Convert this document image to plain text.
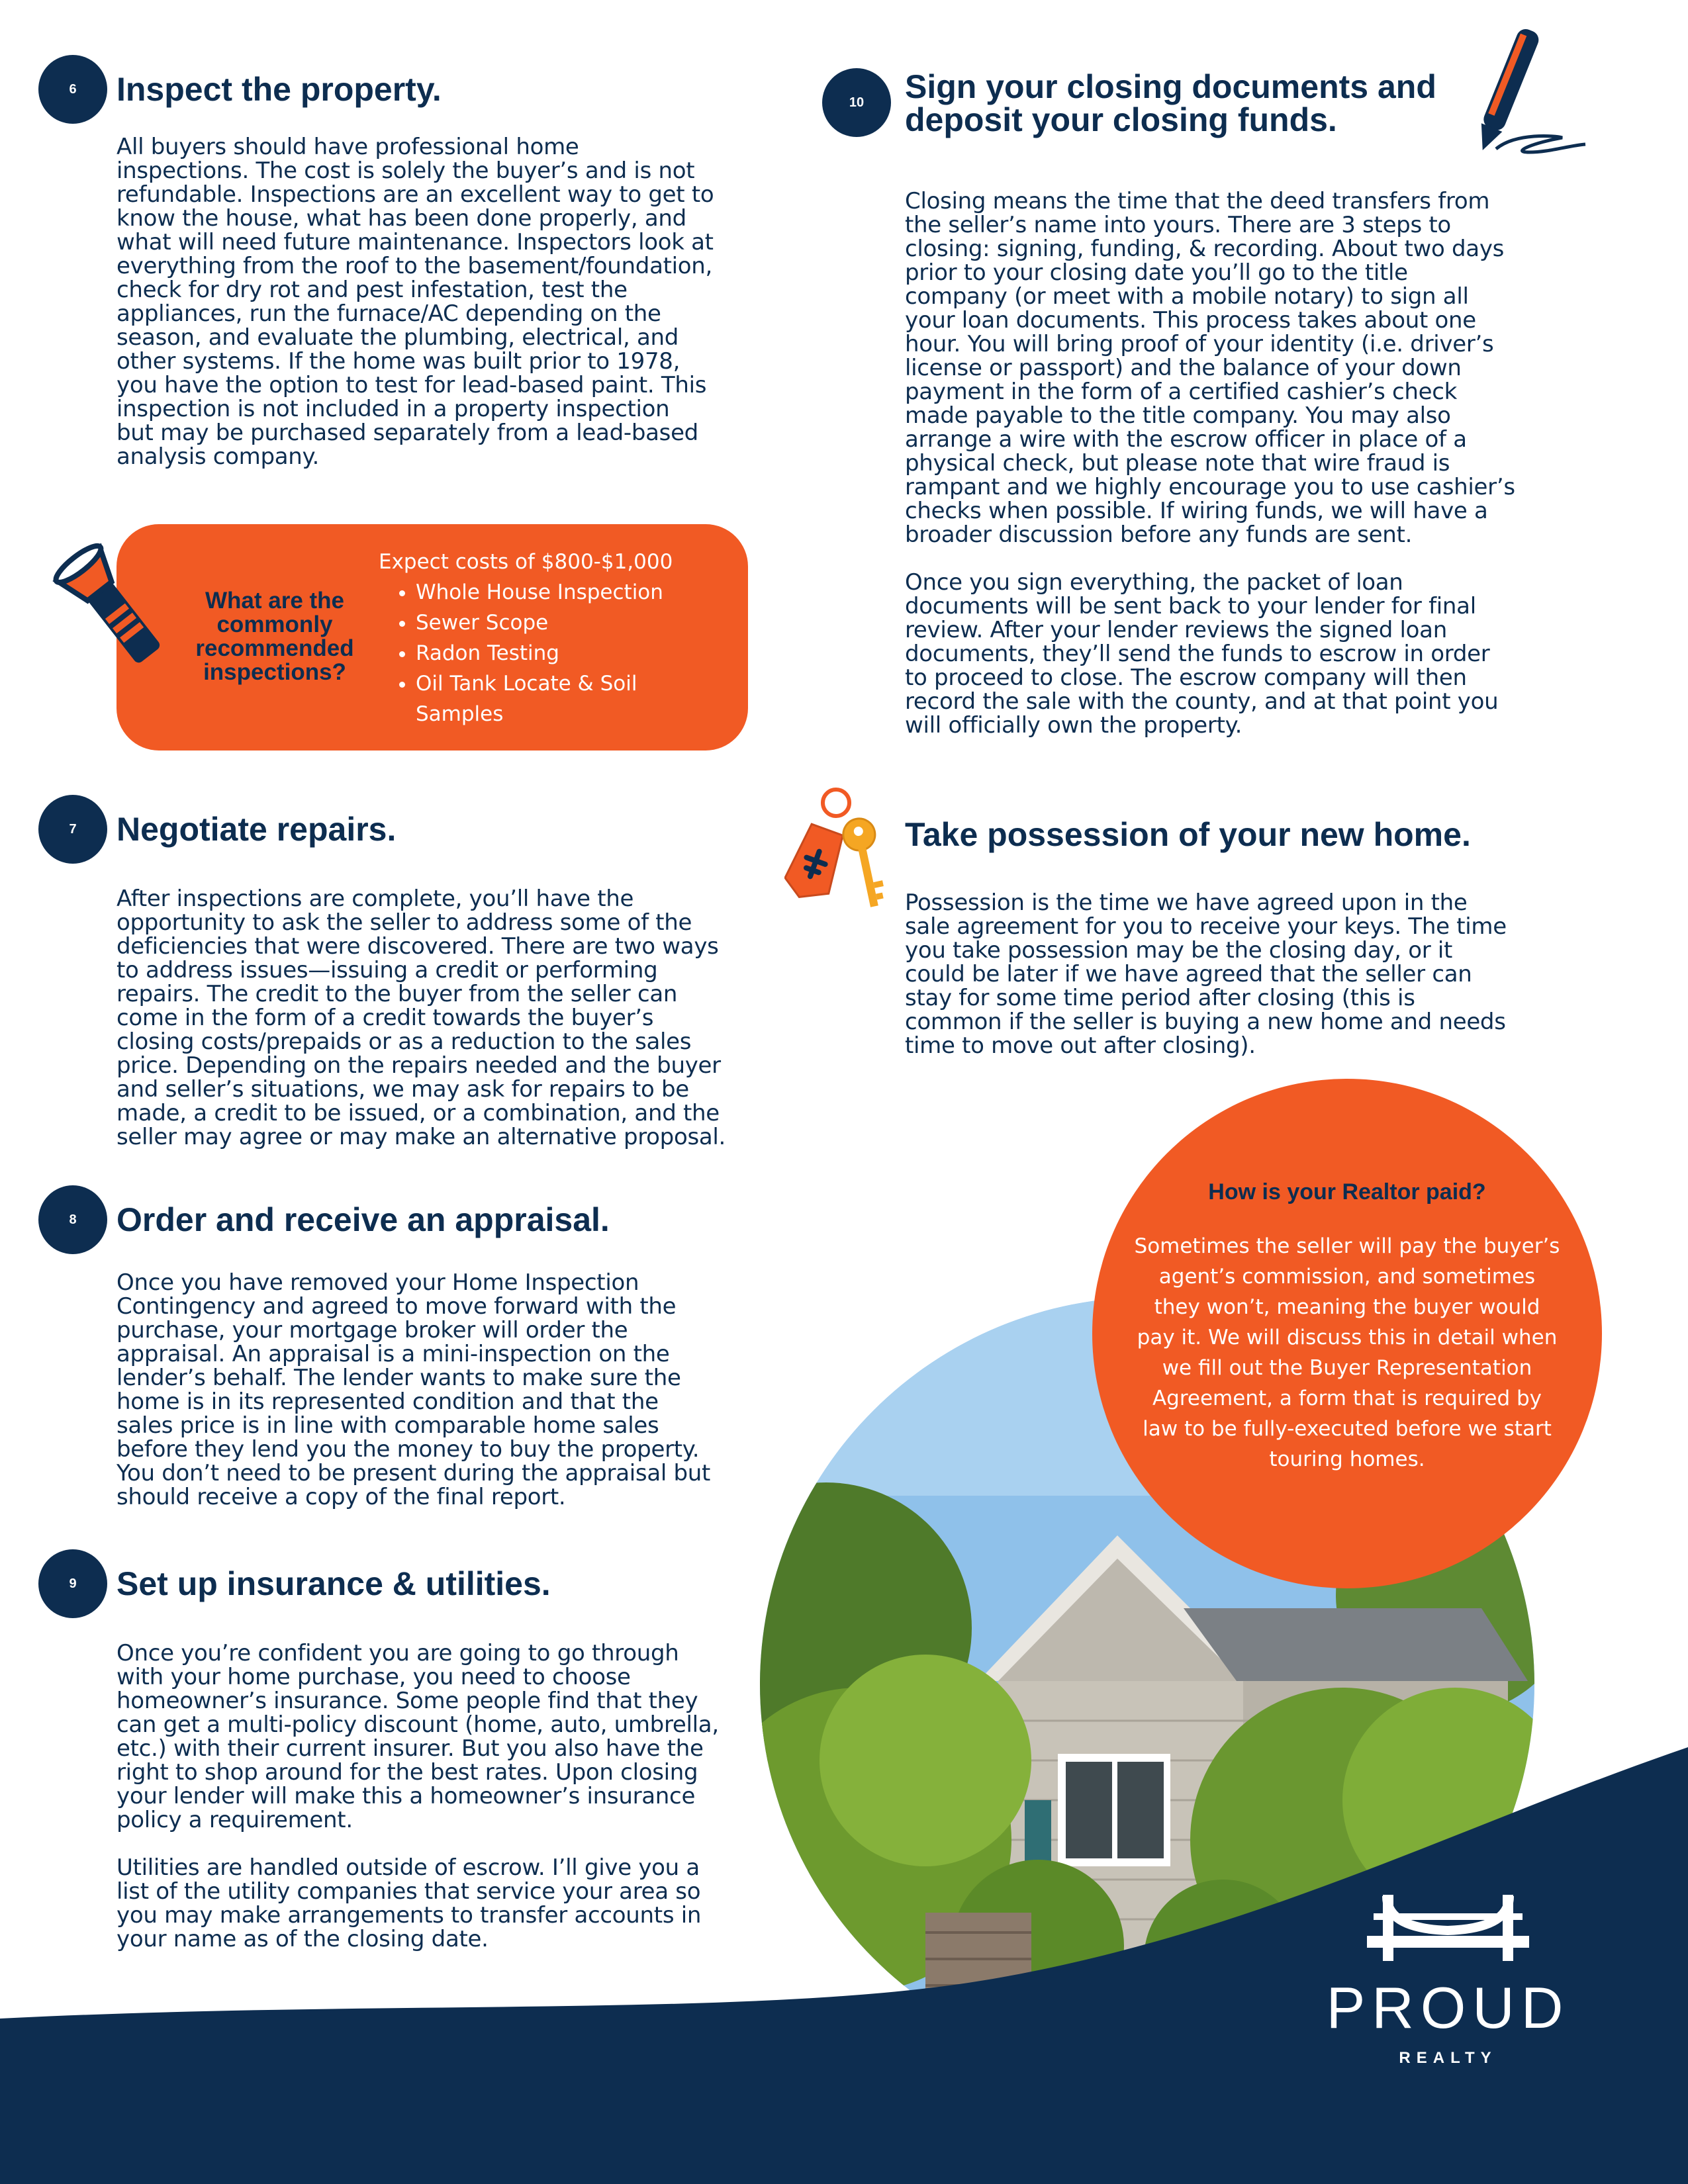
6 Inspect the property.
All buyers should have professional home
inspections. The cost is solely the buyer’s and is not
refundable. Inspections are an excellent way to get to
know the house, what has been done properly, and
what will need future maintenance. Inspectors look at
everything from the roof to the basement/foundation,
check for dry rot and pest infestation, test the
appliances, run the furnace/AC depending on the
season, and evaluate the plumbing, electrical, and
other systems. If the home was built prior to 1978,
you have the option to test for lead-based paint. This
inspection is not included in a property inspection
but may be purchased separately from a lead-based
analysis company.
What are the
commonly
recommended
inspections?
Expect costs of $800-$1,000
• Whole House Inspection
• Sewer Scope
• Radon Testing
• Oil Tank Locate & Soil Samples
7 Negotiate repairs.
After inspections are complete, you’ll have the
opportunity to ask the seller to address some of the
deficiencies that were discovered. There are two ways
to address issues—issuing a credit or performing
repairs. The credit to the buyer from the seller can
come in the form of a credit towards the buyer’s
closing costs/prepaids or as a reduction to the sales
price. Depending on the repairs needed and the buyer
and seller’s situations, we may ask for repairs to be
made, a credit to be issued, or a combination, and the
seller may agree or may make an alternative proposal.
8 Order and receive an appraisal.
Once you have removed your Home Inspection
Contingency and agreed to move forward with the
purchase, your mortgage broker will order the
appraisal. An appraisal is a mini-inspection on the
lender’s behalf. The lender wants to make sure the
home is in its represented condition and that the
sales price is in line with comparable home sales
before they lend you the money to buy the property.
You don’t need to be present during the appraisal but
should receive a copy of the final report.
9 Set up insurance & utilities.
Once you’re confident you are going to go through
with your home purchase, you need to choose
homeowner’s insurance. Some people find that they
can get a multi-policy discount (home, auto, umbrella,
etc.) with their current insurer. But you also have the
right to shop around for the best rates. Upon closing
your lender will make this a homeowner’s insurance
policy a requirement.
Utilities are handled outside of escrow. I’ll give you a
list of the utility companies that service your area so
you may make arrangements to transfer accounts in
your name as of the closing date.
10 Sign your closing documents and
deposit your closing funds.
Closing means the time that the deed transfers from
the seller’s name into yours. There are 3 steps to
closing: signing, funding, & recording. About two days
prior to your closing date you’ll go to the title
company (or meet with a mobile notary) to sign all
your loan documents. This process takes about one
hour. You will bring proof of your identity (i.e. driver’s
license or passport) and the balance of your down
payment in the form of a certified cashier’s check
made payable to the title company. You may also
arrange a wire with the escrow officer in place of a
physical check, but please note that wire fraud is
rampant and we highly encourage you to use cashier’s
checks when possible. If wiring funds, we will have a
broader discussion before any funds are sent.
Once you sign everything, the packet of loan
documents will be sent back to your lender for final
review. After your lender reviews the signed loan
documents, they’ll send the funds to escrow in order
to proceed to close. The escrow company will then
record the sale with the county, and at that point you
will officially own the property.
Take possession of your new home.
Possession is the time we have agreed upon in the
sale agreement for you to receive your keys. The time
you take possession may be the closing day, or it
could be later if we have agreed that the seller can
stay for some time period after closing (this is
common if the seller is buying a new home and needs
time to move out after closing).
How is your Realtor paid?
Sometimes the seller will pay the buyer’s
agent’s commission, and sometimes
they won’t, meaning the buyer would
pay it. We will discuss this in detail when
we fill out the Buyer Representation
Agreement, a form that is required by
law to be fully-executed before we start
touring homes.
PROUD
REALTY
